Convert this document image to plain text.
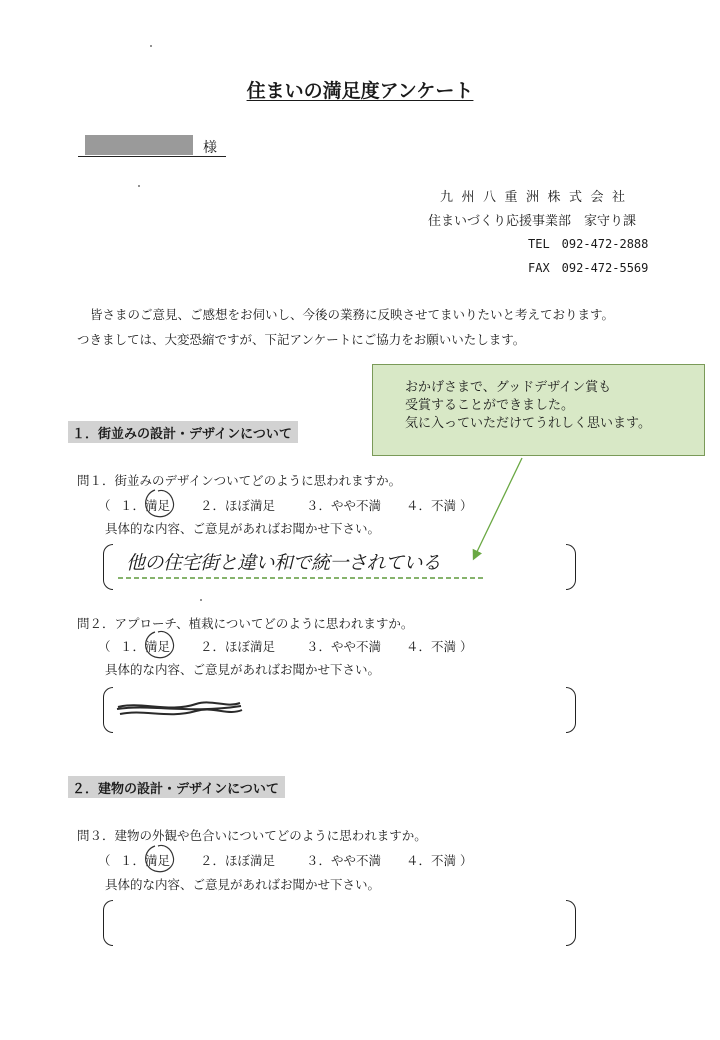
住まいの満足度アンケート
様
九州八重洲株式会社
住まいづくり応援事業部　家守り課
TEL　092-472-2888
FAX　092-472-5569
皆さまのご意見、ご感想をお伺いし、今後の業務に反映させてまいりたいと考えております。
つきましては、大変恐縮ですが、下記アンケートにご協力をお願いいたします。
１．街並みの設計・デザインについて
おかげさまで、グッドデザイン賞も
受賞することができました。
気に入っていただけてうれしく思います。
問１．街並みのデザインついてどのように思われますか。
（ １．満足 ２．ほぼ満足 ３．やや不満 ４．不満 ）
具体的な内容、ご意見があればお聞かせ下さい。
他の住宅街と違い和で統一されている
問２．アプローチ、植栽についてどのように思われますか。
（ １．満足 ２．ほぼ満足 ３．やや不満 ４．不満 ）
具体的な内容、ご意見があればお聞かせ下さい。
２．建物の設計・デザインについて
問３．建物の外観や色合いについてどのように思われますか。
（ １．満足 ２．ほぼ満足 ３．やや不満 ４．不満 ）
具体的な内容、ご意見があればお聞かせ下さい。
